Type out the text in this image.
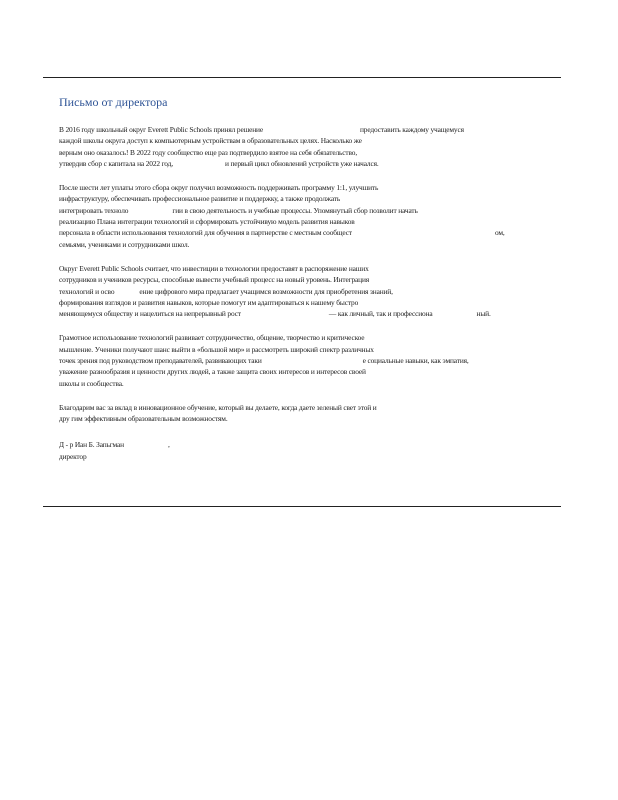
Письмо от директора

В 2016 году школьный округ Everett Public Schools принял решение	предоставить каждому учащемуся
каждой школы округа доступ к компьютерным устройствам в образовательных целях. Насколько же
верным оно оказалось! В 2022 году сообщество еще раз подтвердило взятое на себя обязательство,
утвердив сбор с капитала на 2022 год,	и первый цикл обновлений устройств уже начался.

После шести лет уплаты этого сбора округ получил возможность поддерживать программу 1:1, улучшить
инфраструктуру, обеспечивать профессиональное развитие и поддержку, а также продолжать
интегрировать техноло	гии в свою деятельность и учебные процессы. Упомянутый сбор позволит начать
реализацию Плана интеграции технологий и сформировать устойчивую модель развития навыков
персонала в области использования технологий для обучения в партнерстве с местным сообщест	ом,
семьями, учениками и сотрудниками школ.

Округ Everett Public Schools считает, что инвестиции в технологии предоставят в распоряжение наших
сотрудников и учеников ресурсы, способные вывести учебный процесс на новый уровень. Интеграция
технологий и осво	ение цифрового мира предлагает учащимся возможности для приобретения знаний,
формирования взглядов и развития навыков, которые помогут им адаптироваться к нашему быстро
меняющемуся обществу и нацелиться на непрерывный рост	— как личный, так и профессиона	ный.

Грамотное использование технологий развивает сотрудничество, общение, творчество и критическое
мышление. Ученики получают шанс выйти в «большой мир» и рассмотреть широкий спектр различных
точек зрения под руководством преподавателей, развивающих таки	е социальные навыки, как эмпатия,
уважение разнообразия и ценности других людей, а также защита своих интересов и интересов своей
школы и сообщества.

Благодарим вас за вклад в инновационное обучение, который вы делаете, когда даете зеленый свет этой и
дру гим эффективным образовательным возможностям.

Д - р Иан Б. Запьгман	,
директор
